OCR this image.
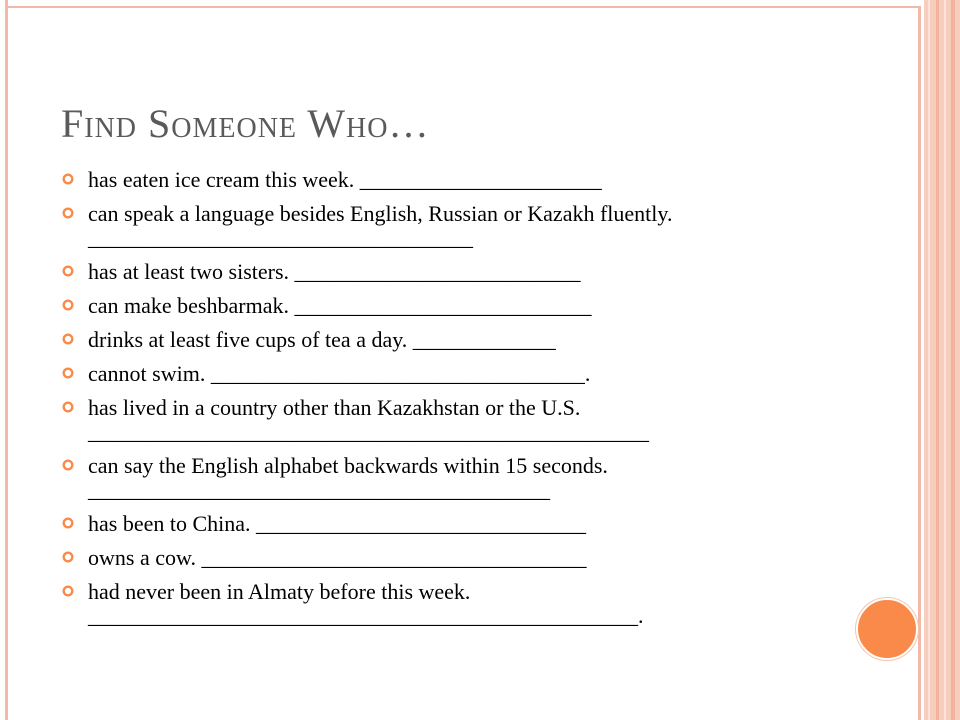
Find Someone Who…
has eaten ice cream this week. ______________________
can speak a language besides English, Russian or Kazakh fluently. ___________________________________
has at least two sisters. __________________________
can make beshbarmak. ___________________________
drinks at least five cups of tea a day. _____________
cannot swim. __________________________________.
has lived in a country other than Kazakhstan or the U.S. ___________________________________________________
can say the English alphabet backwards within 15 seconds. __________________________________________
has been to China. ______________________________
owns a cow. ___________________________________
had never been in Almaty before this week. __________________________________________________.
